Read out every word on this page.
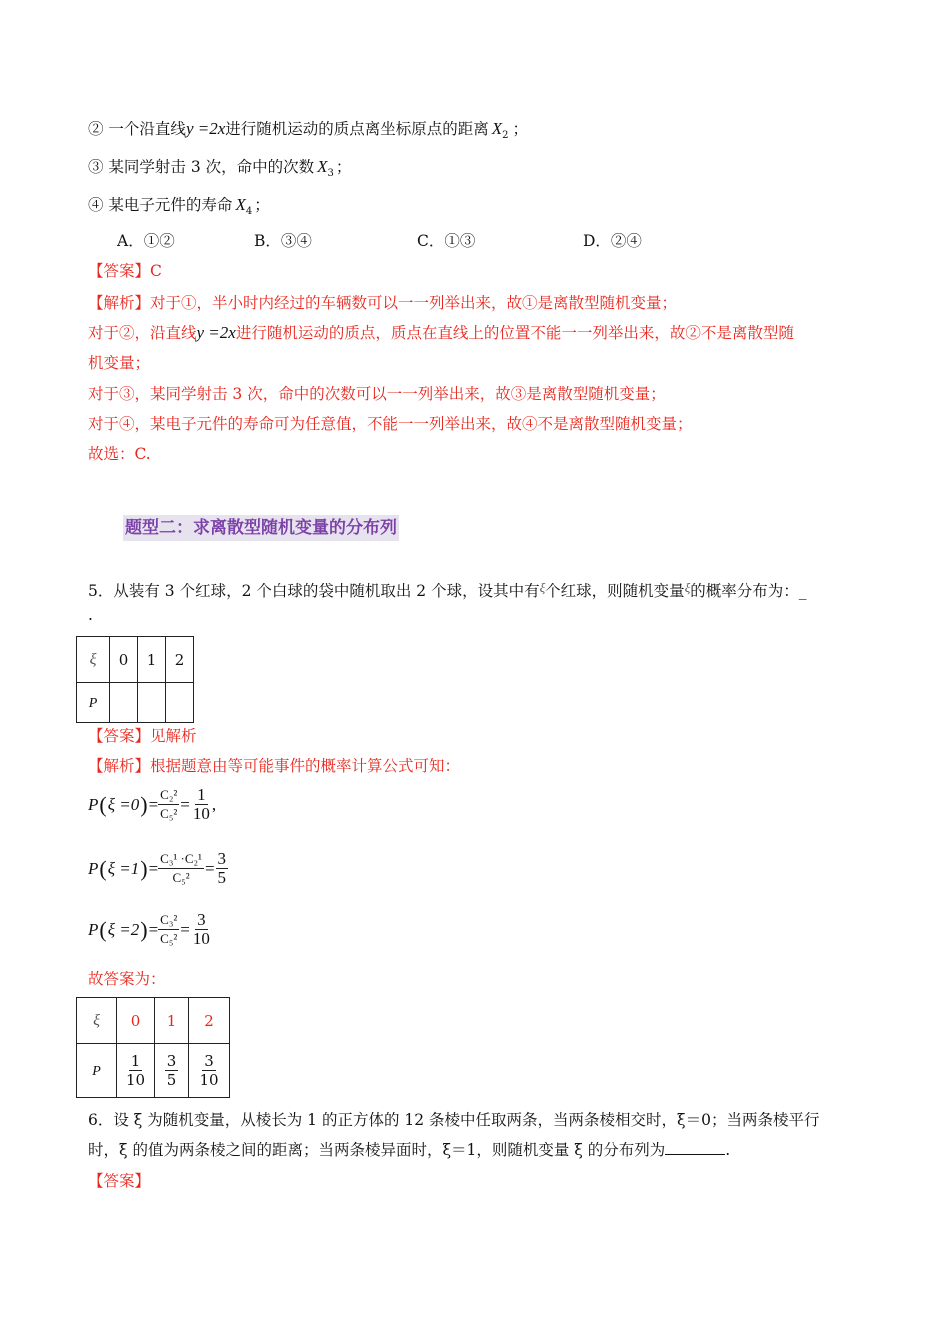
② 一个沿直线y =2x进行随机运动的质点离坐标原点的距离 $X_2$ ；
③ 某同学射击 3 次，命中的次数 $X_3$ ；
④ 某电子元件的寿命 $X_4$ ；
A．①②	B．③④	C．①③	D．②④
【答案】C
【解析】对于①，半小时内经过的车辆数可以一一列举出来，故①是离散型随机变量；
对于②，沿直线y =2x进行随机运动的质点，质点在直线上的位置不能一一列举出来，故②不是离散型随
机变量；
对于③，某同学射击 3 次，命中的次数可以一一列举出来，故③是离散型随机变量；
对于④，某电子元件的寿命可为任意值，不能一一列举出来，故④不是离散型随机变量；
故选：C.
题型二：求离散型随机变量的分布列
5．从装有 3 个红球，2 个白球的袋中随机取出 2 个球，设其中有$^\xi$个红球，则随机变量$^\xi$的概率分布为：_
.
ξ	0	1	2
P			
【答案】见解析
【解析】根据题意由等可能事件的概率计算公式可知：
P ( ξ =0 ) = $\frac{\text{C₂²}}{\text{C₅²}} = \frac{1}{10}$ ,
P ( ξ =1 ) = $\frac{\text{C₃¹ ·C₂¹}}{\text{C₅²}} = \frac{3}{5}$
P ( ξ =2 ) = $\frac{\text{C₃²}}{\text{C₅²}} = \frac{3}{10}$
故答案为：
ξ	0	1	2
P	$\frac{1}{10}$	$\frac{3}{5}$	$\frac{3}{10}$
6．设 ξ 为随机变量，从棱长为 1 的正方体的 12 条棱中任取两条，当两条棱相交时，ξ＝0；当两条棱平行
时，ξ 的值为两条棱之间的距离；当两条棱异面时，ξ＝1，则随机变量 ξ 的分布列为	.
【答案】
